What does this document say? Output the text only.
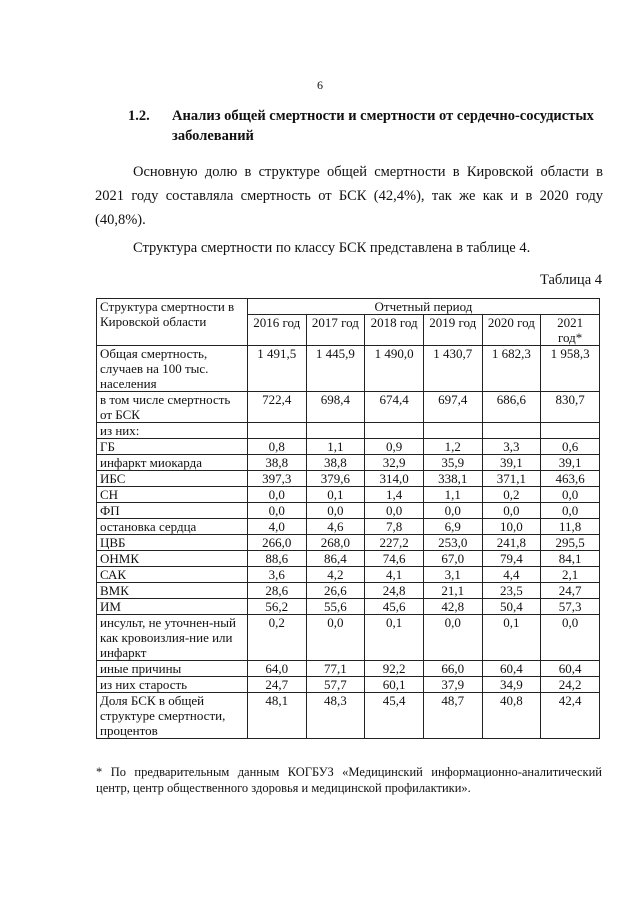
6
1.2. Анализ общей смертности и смертности от сердечно-сосудистых заболеваний

Основную долю в структуре общей смертности в Кировской области в 2021 году составляла смертность от БСК (42,4%), так же как и в 2020 году (40,8%).

Структура смертности по классу БСК представлена в таблице 4.

Таблица 4
Структура смертности в Кировской области	Отчетный период					
	2016 год	2017 год	2018 год	2019 год	2020 год	2021 год*
Общая смертность, случаев на 100 тыс. населения	1 491,5	1 445,9	1 490,0	1 430,7	1 682,3	1 958,3
в том числе смертность от БСК	722,4	698,4	674,4	697,4	686,6	830,7
из них:						
ГБ	0,8	1,1	0,9	1,2	3,3	0,6
инфаркт миокарда	38,8	38,8	32,9	35,9	39,1	39,1
ИБС	397,3	379,6	314,0	338,1	371,1	463,6
СН	0,0	0,1	1,4	1,1	0,2	0,0
ФП	0,0	0,0	0,0	0,0	0,0	0,0
остановка сердца	4,0	4,6	7,8	6,9	10,0	11,8
ЦВБ	266,0	268,0	227,2	253,0	241,8	295,5
ОНМК	88,6	86,4	74,6	67,0	79,4	84,1
САК	3,6	4,2	4,1	3,1	4,4	2,1
ВМК	28,6	26,6	24,8	21,1	23,5	24,7
ИМ	56,2	55,6	45,6	42,8	50,4	57,3
инсульт, не уточнен-ный как кровоизлия-ние или инфаркт	0,2	0,0	0,1	0,0	0,1	0,0
иные причины	64,0	77,1	92,2	66,0	60,4	60,4
из них старость	24,7	57,7	60,1	37,9	34,9	24,2
Доля БСК в общей структуре смертности, процентов	48,1	48,3	45,4	48,7	40,8	42,4
* По предварительным данным КОГБУЗ «Медицинский информационно-аналитический центр, центр общественного здоровья и медицинской профилактики».
